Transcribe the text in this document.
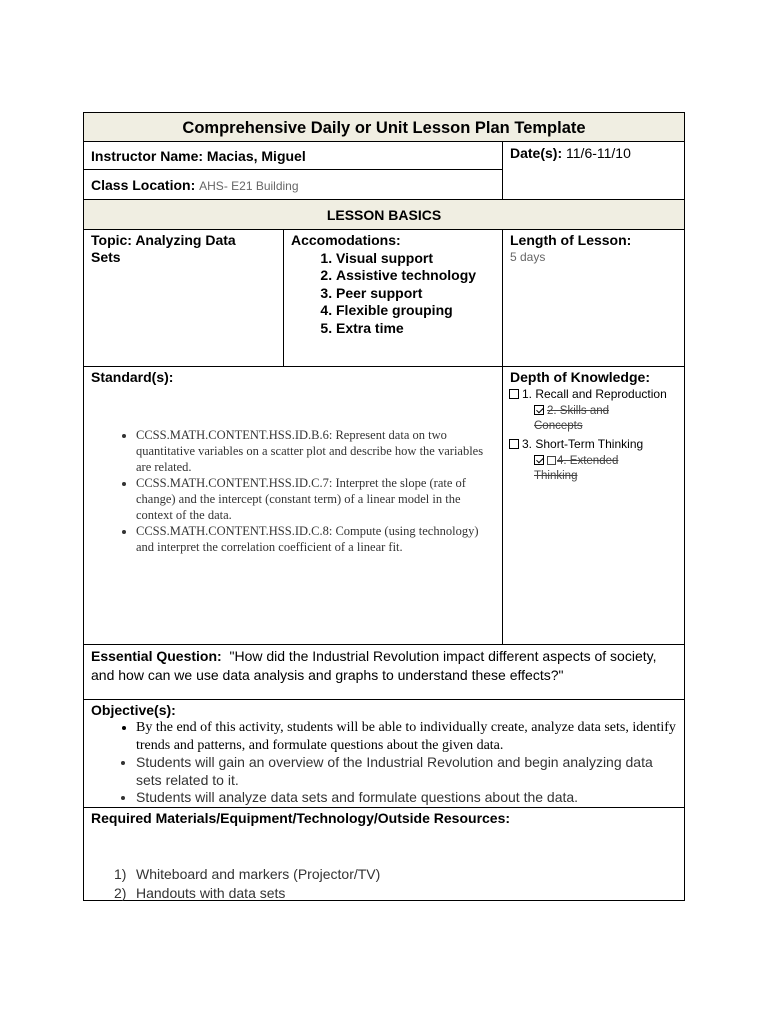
Comprehensive Daily or Unit Lesson Plan Template
Instructor Name: Macias, Miguel
Class Location: AHS- E21 Building
Date(s): 11/6-11/10
LESSON BASICS
Topic: Analyzing Data
Sets
Accomodations:
1. Visual support
2. Assistive technology
3. Peer support
4. Flexible grouping
5. Extra time
Length of Lesson:
5 days
Standard(s):
• CCSS.MATH.CONTENT.HSS.ID.B.6: Represent data on two quantitative variables on a scatter plot and describe how the variables are related.
• CCSS.MATH.CONTENT.HSS.ID.C.7: Interpret the slope (rate of change) and the intercept (constant term) of a linear model in the context of the data.
• CCSS.MATH.CONTENT.HSS.ID.C.8: Compute (using technology) and interpret the correlation coefficient of a linear fit.
Depth of Knowledge:
1. Recall and Reproduction
2. Skills and Concepts
3. Short-Term Thinking
4. Extended Thinking
Essential Question: "How did the Industrial Revolution impact different aspects of society, and how can we use data analysis and graphs to understand these effects?"
Objective(s):
• By the end of this activity, students will be able to individually create, analyze data sets, identify trends and patterns, and formulate questions about the given data.
• Students will gain an overview of the Industrial Revolution and begin analyzing data sets related to it.
• Students will analyze data sets and formulate questions about the data.
Required Materials/Equipment/Technology/Outside Resources:
1) Whiteboard and markers (Projector/TV)
2) Handouts with data sets
